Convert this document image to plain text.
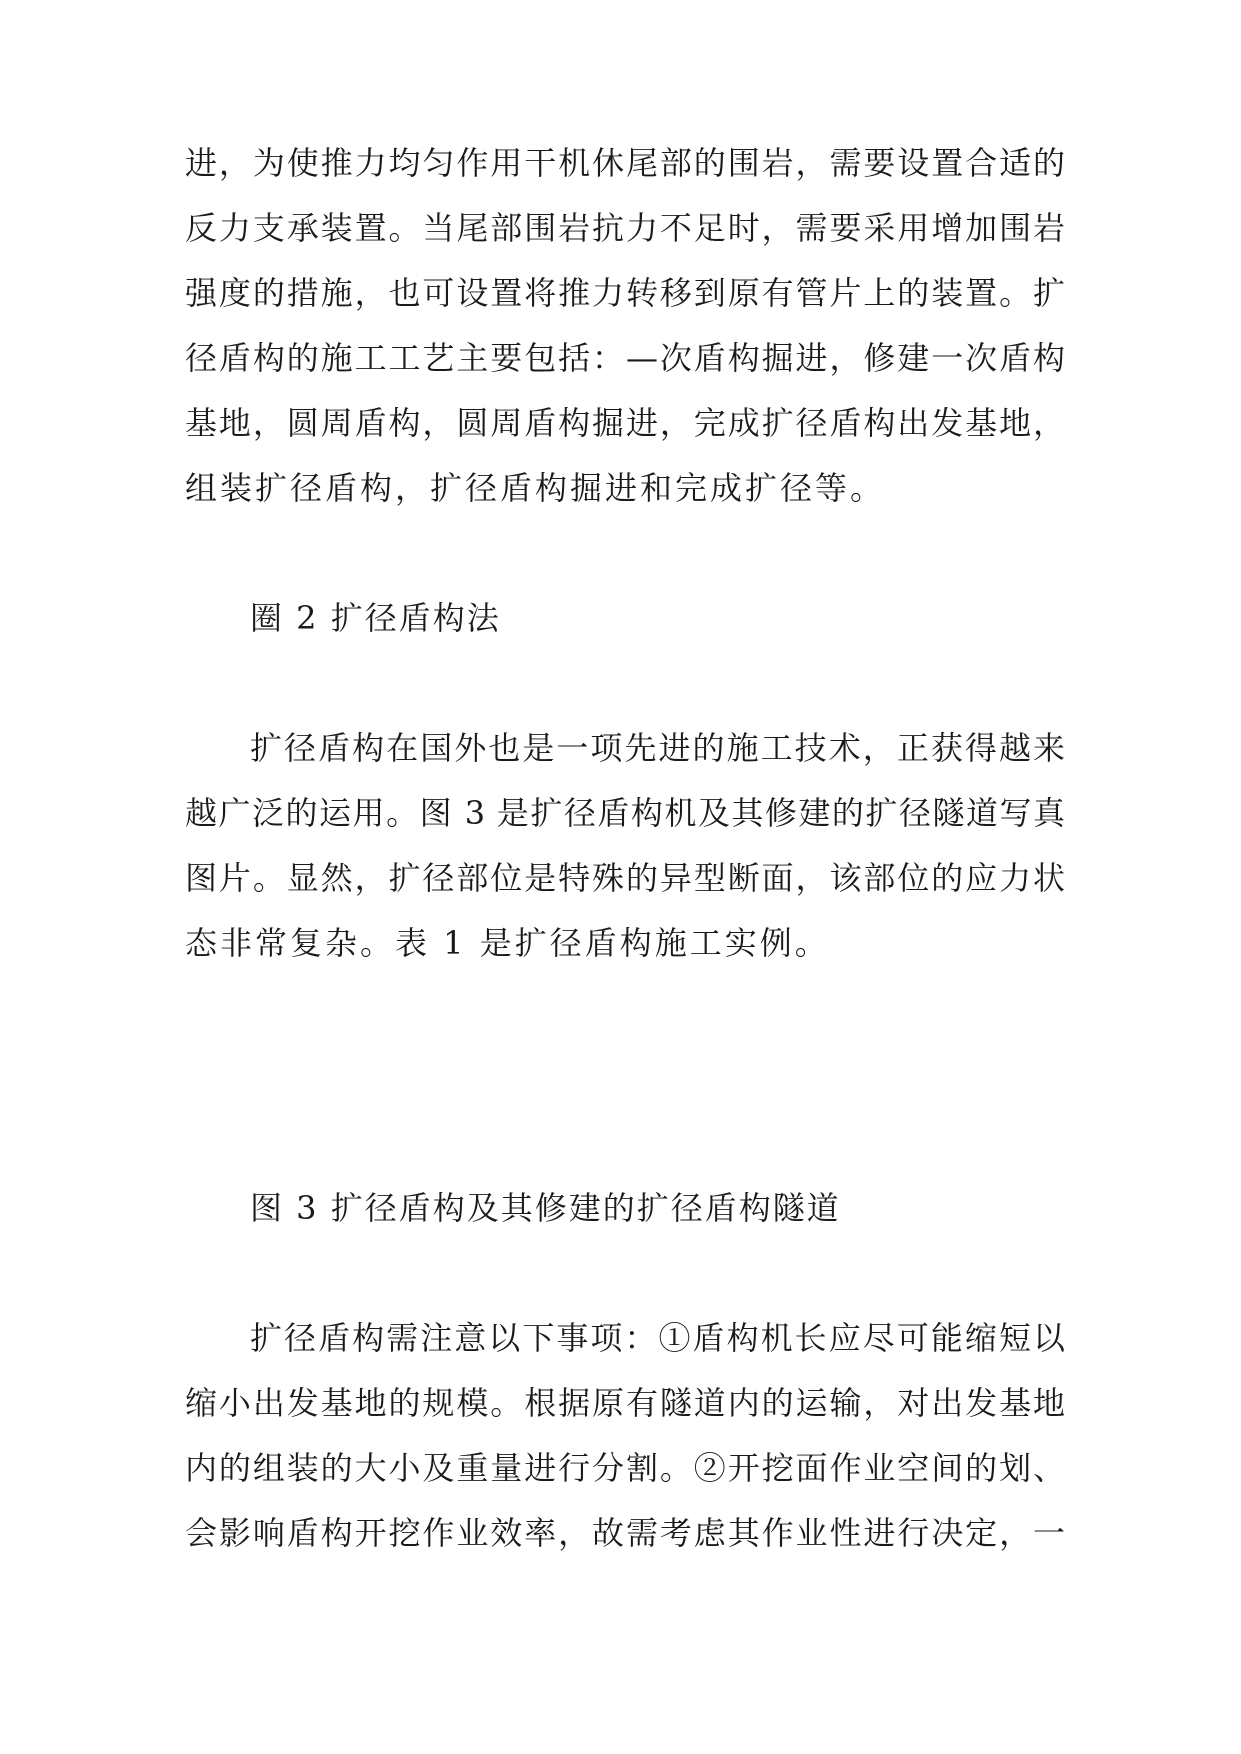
进，为使推力均匀作用干机休尾部的围岩，需要设置合适的
反力支承装置。当尾部围岩抗力不足时，需要采用增加围岩
强度的措施，也可设置将推力转移到原有管片上的装置。扩
径盾构的施工工艺主要包括：—次盾构掘进，修建一次盾构
基地，圆周盾构，圆周盾构掘进，完成扩径盾构出发基地，
组装扩径盾构，扩径盾构掘进和完成扩径等。
圈 2 扩径盾构法
扩径盾构在国外也是一项先进的施工技术，正获得越来
越广泛的运用。图 3 是扩径盾构机及其修建的扩径隧道写真
图片。显然，扩径部位是特殊的异型断面，该部位的应力状
态非常复杂。表 1 是扩径盾构施工实例。
图 3 扩径盾构及其修建的扩径盾构隧道
扩径盾构需注意以下事项：①盾构机长应尽可能缩短以
缩小出发基地的规模。根据原有隧道内的运输，对出发基地
内的组装的大小及重量进行分割。②开挖面作业空间的划、
会影响盾构开挖作业效率，故需考虑其作业性进行决定，一
